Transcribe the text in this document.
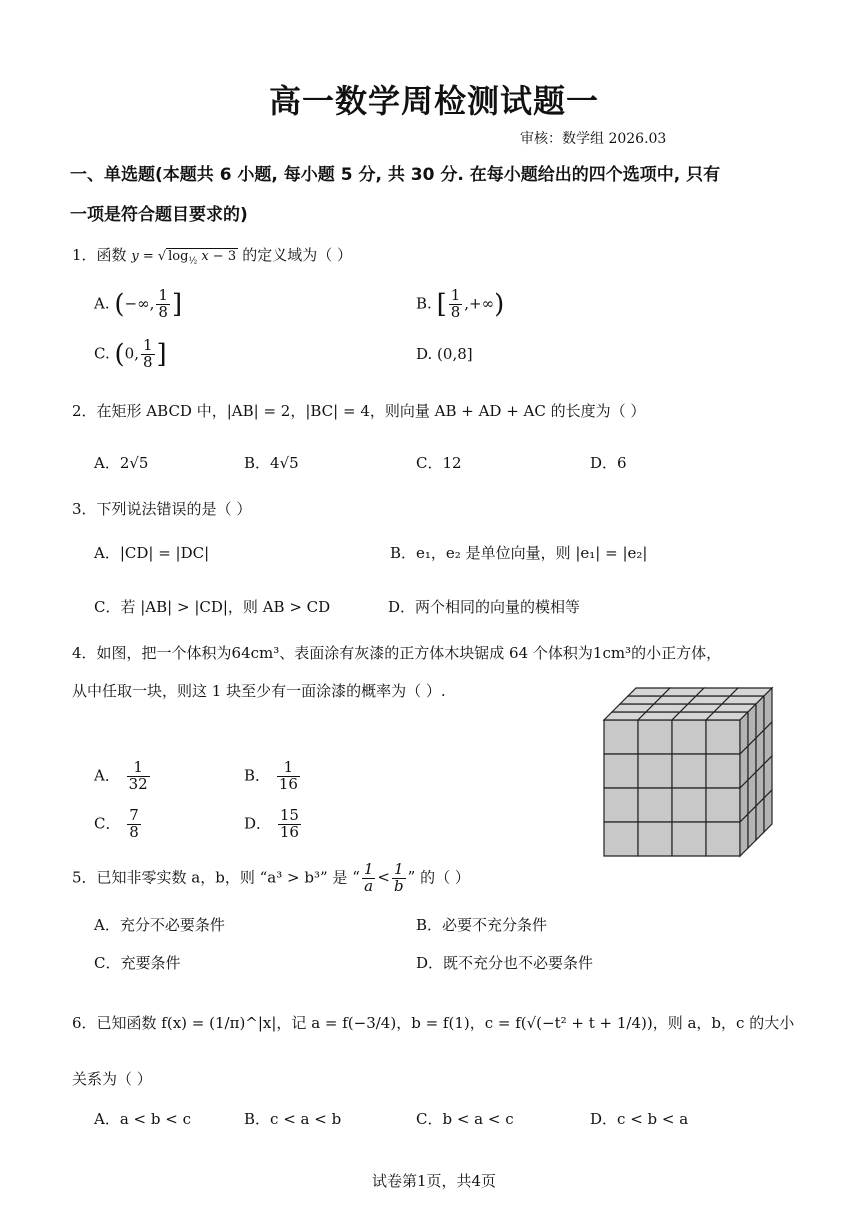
高一数学周检测试题一
审核：数学组 2026.03
一、单选题(本题共 6 小题, 每小题 5 分, 共 30 分. 在每小题给出的四个选项中, 只有
一项是符合题目要求的)
1．函数 y = √ $\log_{\frac{1}{2}} x - 3$ 的定义域为（ ）
A. (−∞, $\frac{1}{8}$ ]	B. [ $\frac{1}{8}$ ,+∞)
C. (0, $\frac{1}{8}$ ]	D. (0,8]
2．在矩形 ABCD 中，|AB| = 2，|BC| = 4，则向量 AB + AD + AC 的长度为（ ）
A．2√5	B．4√5	C．12	D．6
3．下列说法错误的是（ ）
A．|CD| = |DC|	B．e₁，e₂ 是单位向量，则 |e₁| = |e₂|
C．若 |AB| > |CD|，则 AB > CD	D．两个相同的向量的模相等
4．如图，把一个体积为64cm³、表面涂有灰漆的正方体木块锯成 64 个体积为1cm³的小正方体，
从中任取一块，则这 1 块至少有一面涂漆的概率为（ ）.
A． $\frac{1}{32}$	B． $\frac{1}{16}$
C． $\frac{7}{8}$	D． $\frac{15}{16}$
5．已知非零实数 a，b，则 “a³ > b³” 是 “ $\frac{1}{a} < \frac{1}{b}$ ” 的（ ）
A．充分不必要条件	B．必要不充分条件
C．充要条件	D．既不充分也不必要条件
6．已知函数 f(x) = (1/π)^|x|，记 a = f(−3/4)，b = f(1)，c = f(√(−t² + t + 1/4))，则 a，b，c 的大小
关系为（ ）
A．a < b < c	B．c < a < b	C．b < a < c	D．c < b < a
试卷第1页，共4页
